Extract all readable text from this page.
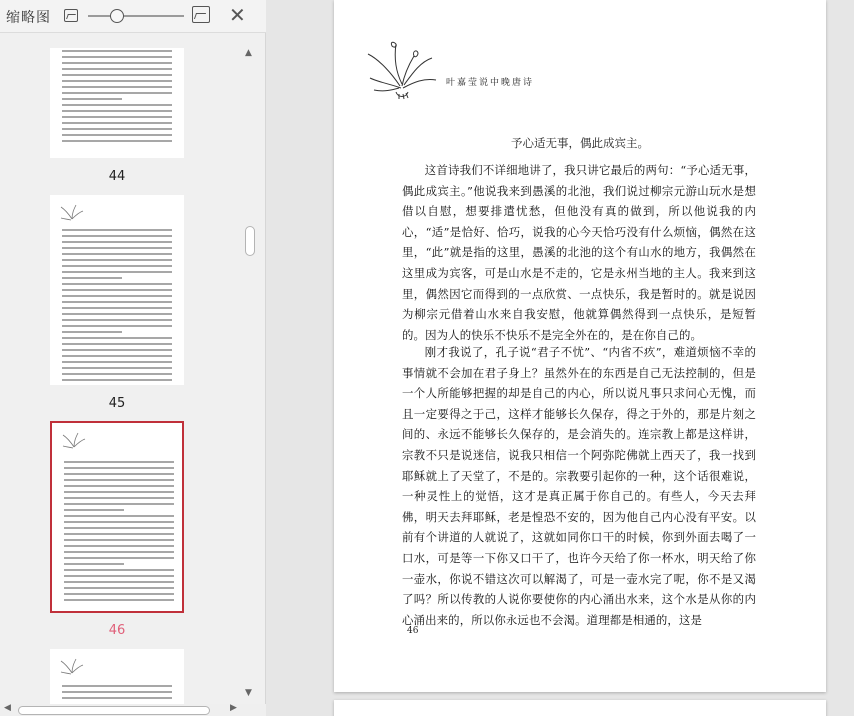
缩略图	✕
44
45
46
▲
▼
◀	▶
叶嘉莹说中晚唐诗
予心适无事，偶此成宾主。

这首诗我们不详细地讲了，我只讲它最后的两句：“予心适无事，偶此成宾主。”他说我来到愚溪的北池，我们说过柳宗元游山玩水是想借以自慰，想要排遣忧愁，但他没有真的做到，所以他说我的内心，“适”是恰好、恰巧，说我的心今天恰巧没有什么烦恼，偶然在这里，“此”就是指的这里，愚溪的北池的这个有山水的地方，我偶然在这里成为宾客，可是山水是不走的，它是永州当地的主人。我来到这里，偶然因它而得到的一点欣赏、一点快乐，我是暂时的。就是说因为柳宗元借着山水来自我安慰，他就算偶然得到一点快乐，是短暂的。因为人的快乐不快乐不是完全外在的，是在你自己的。

刚才我说了，孔子说“君子不忧”、“内省不疚”，难道烦恼不幸的事情就不会加在君子身上？虽然外在的东西是自己无法控制的，但是一个人所能够把握的却是自己的内心，所以说凡事只求问心无愧，而且一定要得之于己，这样才能够长久保存，得之于外的，那是片刻之间的、永远不能够长久保存的，是会消失的。连宗教上都是这样讲，宗教不只是说迷信，说我只相信一个阿弥陀佛就上西天了，我一找到耶稣就上了天堂了，不是的。宗教要引起你的一种，这个话很难说，一种灵性上的觉悟，这才是真正属于你自己的。有些人，今天去拜佛，明天去拜耶稣，老是惶恐不安的，因为他自己内心没有平安。以前有个讲道的人就说了，这就如同你口干的时候，你到外面去喝了一口水，可是等一下你又口干了，也许今天给了你一杯水，明天给了你一壶水，你说不错这次可以解渴了，可是一壶水完了呢，你不是又渴了吗？所以传教的人说你要使你的内心涌出水来，这个水是从你的内心涌出来的，所以你永远也不会渴。道理都是相通的，这是

46
